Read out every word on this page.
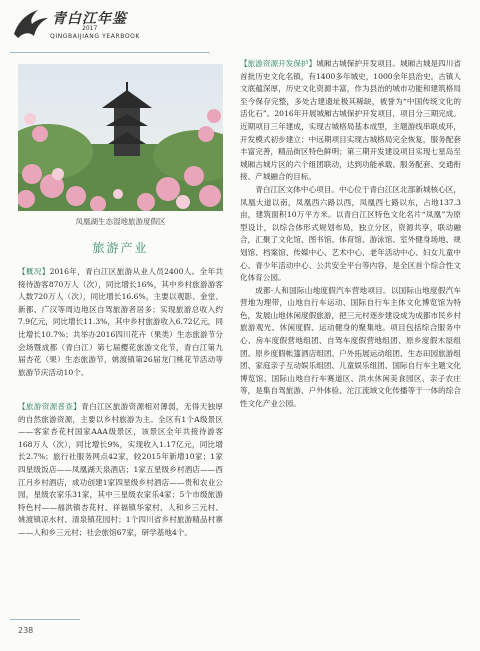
青白江年鉴
2017
QINGBAIJIANG YEARBOOK
凤凰湖生态湿地旅游度假区
旅游产业

【概况】2016年，青白江区旅游从业人员2400人。全年共接待游客870万人（次），同比增长16%，其中乡村旅游游客人数720万人（次），同比增长16.6%，主要以观影、金堂、新都、广汉等周边地区自驾旅游者居多；实现旅游总收入约7.9亿元，同比增长11.3%，其中乡村旅游收入6.72亿元，同比增长10.7%；共举办2016四川花卉（果类）生态旅游节分会场暨成都（青白江）第七届樱花旅游文化节，青白江第九届杏花（果）生态旅游节，姚渡镇第26届龙门桃花节活动等旅游节庆活动10个。

【旅游资源普查】青白江区旅游资源相对薄弱，无得天独厚的自然旅游资源，主要以乡村旅游为主。全区有1个A级景区——客家杏花村国家AAA级景区，该景区全年共接待游客168万人（次），同比增长9%，实现收入1.17亿元，同比增长2.7%；旅行社服务网点42家，较2015年新增10家；1家四星级饭店——凤凰湖天泉酒店；1家五星级乡村酒店——西江月乡村酒店，成功创建1家四星级乡村酒店——贵和农业公园，星级农家乐31家，其中三星级农家乐4家；5个市级旅游特色村——福洪镇杏花村、祥福镇华家村、人和乡三元村、姚渡镇凉水村、清泉镇花园村；1个四川省乡村旅游精品村寨——人和乡三元村；社会旅馆67家，研学基地4个。

【旅游资源开发保护】城厢古城保护开发项目。城厢古城是四川省首批历史文化名镇，有1400多年城史，1000余年县治史。古镇人文底蕴深厚，历史文化资源丰富，作为县治的城市功能和建筑格局至今保存完整，多处古建遗址极其稀缺，被誉为“中国传统文化的活化石”。2016年开展城厢古城保护开发项目，项目分三期完成。近期项目三年建成，实现古城格局基本成型，主题游线串联成环，开发模式初步建立；中远期项目实现古城格局完全恢复，服务配套丰富完善，精品街区特色鲜明；第三期开发建设项目实现七星岛至城厢古城片区的六个组团联动，达到功能承载、服务配套、交通衔接、产城融合的目标。

青白江区文体中心项目。中心位于青白江区北部新城核心区，凤凰大道以南，凤凰西六路以西，凤凰西七路以东，占地137.3亩，建筑面积10万平方米。以青白江区特色文化名片“凤凰”为原型设计，以综合体形式规划布局，独立分区，资源共享，联动融合，汇聚了文化馆、图书馆、体育馆、游泳馆、室外健身场地、规划馆、档案馆、传媒中心、艺术中心、老年活动中心、妇女儿童中心、青少年活动中心、公共安全平台等内容，是全区首个综合性文化体育公园。

成都·人和国际山地度假汽车营地项目。以国际山地度假汽车营地为理带，山地自行车运动、国际自行车主体文化博览馆为特色，发展山地休闲度假旅游，把三元村逐步建设成为成都市民乡村旅游观光、休闲度假、运动健身的聚集地。项目包括综合服务中心、房车度假营地组团、自驾车度假营地组团、原乡度假木屋组团、原乡度假帐篷酒店组团、户外拓展运动组团、生态田园旅游组团、家庭亲子互动娱乐组团、儿童娱乐组团、国际自行车主题文化博览馆、国际山地自行车赛道区、洪水休闲美食园区、亲子农庄等，是集自驾旅游、户外体验、沱江流域文化传播等于一体的综合性文化产业公园。

238
